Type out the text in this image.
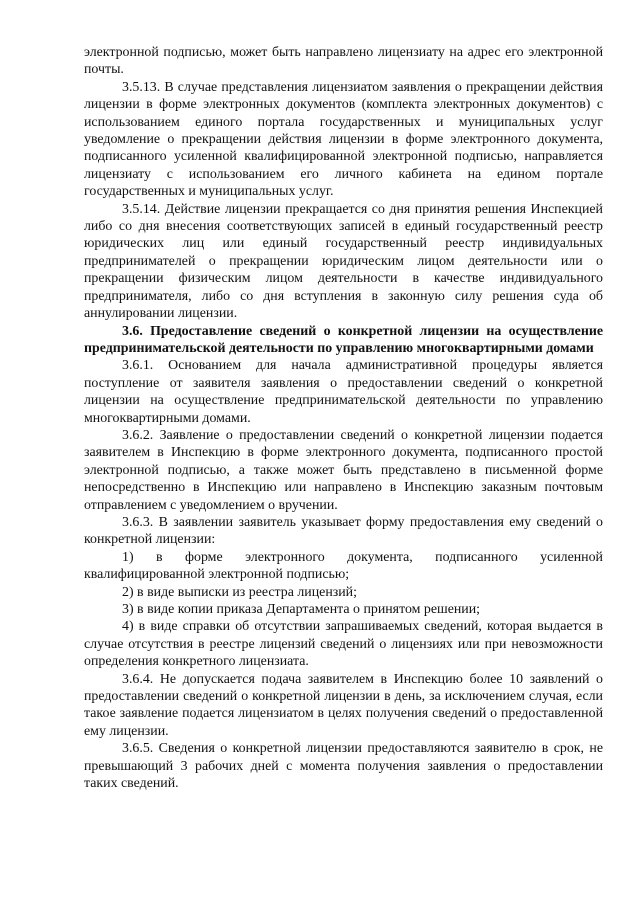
электронной подписью, может быть направлено лицензиату на адрес его электронной почты.

3.5.13. В случае представления лицензиатом заявления о прекращении действия лицензии в форме электронных документов (комплекта электронных документов) с использованием единого портала государственных и муниципальных услуг уведомление о прекращении действия лицензии в форме электронного документа, подписанного усиленной квалифицированной электронной подписью, направляется лицензиату с использованием его личного кабинета на едином портале государственных и муниципальных услуг.

3.5.14. Действие лицензии прекращается со дня принятия решения Инспекцией либо со дня внесения соответствующих записей в единый государственный реестр юридических лиц или единый государственный реестр индивидуальных предпринимателей о прекращении юридическим лицом деятельности или о прекращении физическим лицом деятельности в качестве индивидуального предпринимателя, либо со дня вступления в законную силу решения суда об аннулировании лицензии.

3.6. Предоставление сведений о конкретной лицензии на осуществление предпринимательской деятельности по управлению многоквартирными домами

3.6.1. Основанием для начала административной процедуры является поступление от заявителя заявления о предоставлении сведений о конкретной лицензии на осуществление предпринимательской деятельности по управлению многоквартирными домами.

3.6.2. Заявление о предоставлении сведений о конкретной лицензии подается заявителем в Инспекцию в форме электронного документа, подписанного простой электронной подписью, а также может быть представлено в письменной форме непосредственно в Инспекцию или направлено в Инспекцию заказным почтовым отправлением с уведомлением о вручении.

3.6.3. В заявлении заявитель указывает форму предоставления ему сведений о конкретной лицензии:

1) в форме электронного документа, подписанного усиленной квалифицированной электронной подписью;

2) в виде выписки из реестра лицензий;

3) в виде копии приказа Департамента о принятом решении;

4) в виде справки об отсутствии запрашиваемых сведений, которая выдается в случае отсутствия в реестре лицензий сведений о лицензиях или при невозможности определения конкретного лицензиата.

3.6.4. Не допускается подача заявителем в Инспекцию более 10 заявлений о предоставлении сведений о конкретной лицензии в день, за исключением случая, если такое заявление подается лицензиатом в целях получения сведений о предоставленной ему лицензии.

3.6.5. Сведения о конкретной лицензии предоставляются заявителю в срок, не превышающий 3 рабочих дней с момента получения заявления о предоставлении таких сведений.
